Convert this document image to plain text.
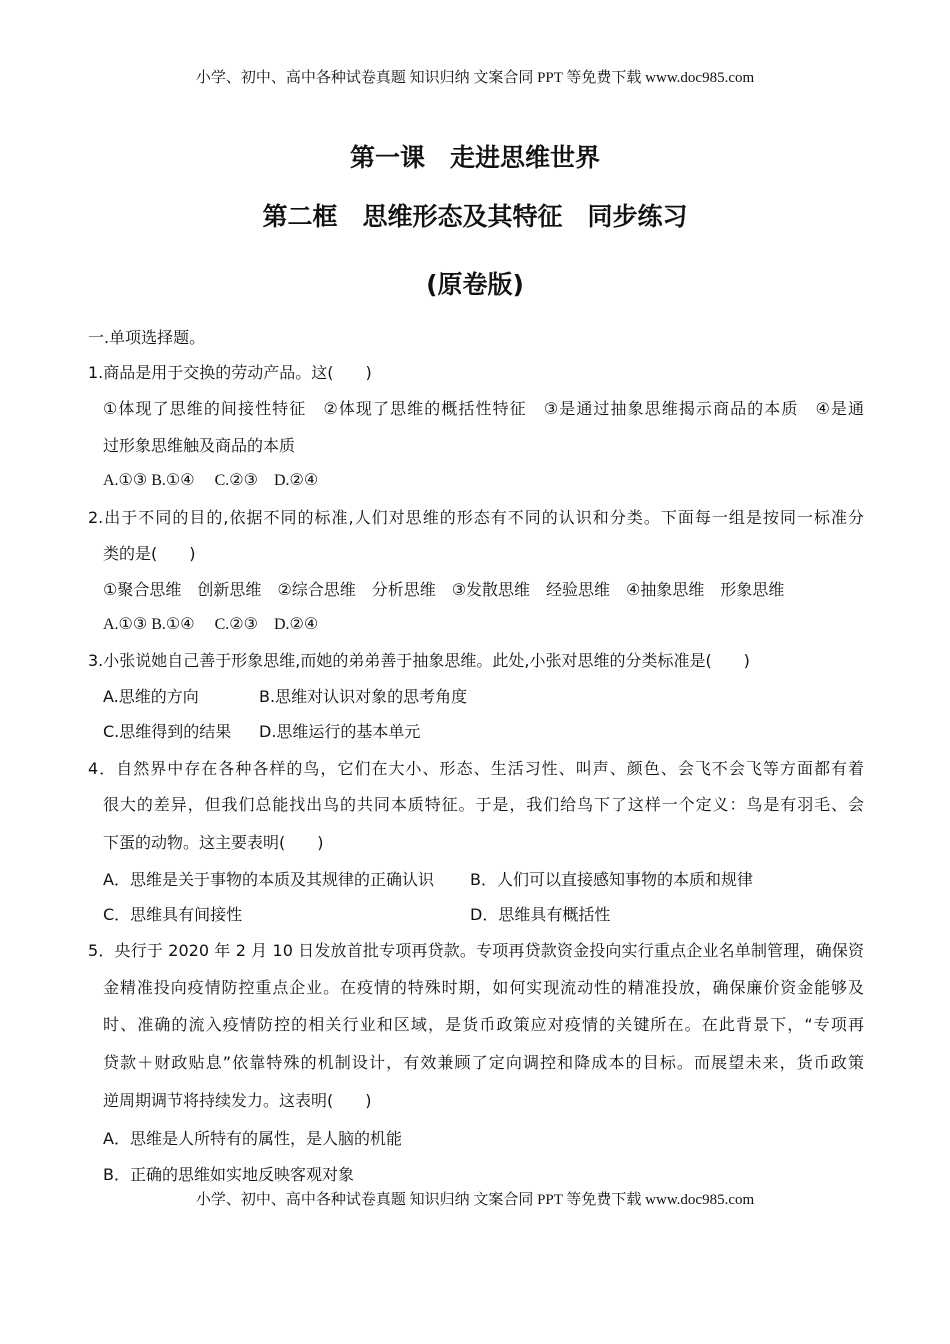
小学、初中、高中各种试卷真题 知识归纳 文案合同 PPT 等免费下载 www.doc985.com
第一课　走进思维世界
第二框　思维形态及其特征　同步练习
(原卷版)
一.单项选择题。
1.商品是用于交换的劳动产品。这(　　)
①体现了思维的间接性特征　②体现了思维的概括性特征　③是通过抽象思维揭示商品的本质　④是通
过形象思维触及商品的本质
A.①③ B.①④　 C.②③　D.②④
2.出于不同的目的,依据不同的标准,人们对思维的形态有不同的认识和分类。下面每一组是按同一标准分
类的是(　　)
①聚合思维　创新思维　②综合思维　分析思维　③发散思维　经验思维　④抽象思维　形象思维
A.①③ B.①④　 C.②③　D.②④
3.小张说她自己善于形象思维,而她的弟弟善于抽象思维。此处,小张对思维的分类标准是(　　)
A.思维的方向	B.思维对认识对象的思考角度
C.思维得到的结果 D.思维运行的基本单元
4．自然界中存在各种各样的鸟，它们在大小、形态、生活习性、叫声、颜色、会飞不会飞等方面都有着
很大的差异，但我们总能找出鸟的共同本质特征。于是，我们给鸟下了这样一个定义：鸟是有羽毛、会
下蛋的动物。这主要表明(　　)
A．思维是关于事物的本质及其规律的正确认识 B．人们可以直接感知事物的本质和规律
C．思维具有间接性	D．思维具有概括性
5．央行于 2020 年 2 月 10 日发放首批专项再贷款。专项再贷款资金投向实行重点企业名单制管理，确保资
金精准投向疫情防控重点企业。在疫情的特殊时期，如何实现流动性的精准投放，确保廉价资金能够及
时、准确的流入疫情防控的相关行业和区域，是货币政策应对疫情的关键所在。在此背景下，“专项再
贷款＋财政贴息”依靠特殊的机制设计，有效兼顾了定向调控和降成本的目标。而展望未来，货币政策
逆周期调节将持续发力。这表明(　　)
A．思维是人所特有的属性，是人脑的机能
B．正确的思维如实地反映客观对象
小学、初中、高中各种试卷真题 知识归纳 文案合同 PPT 等免费下载 www.doc985.com
